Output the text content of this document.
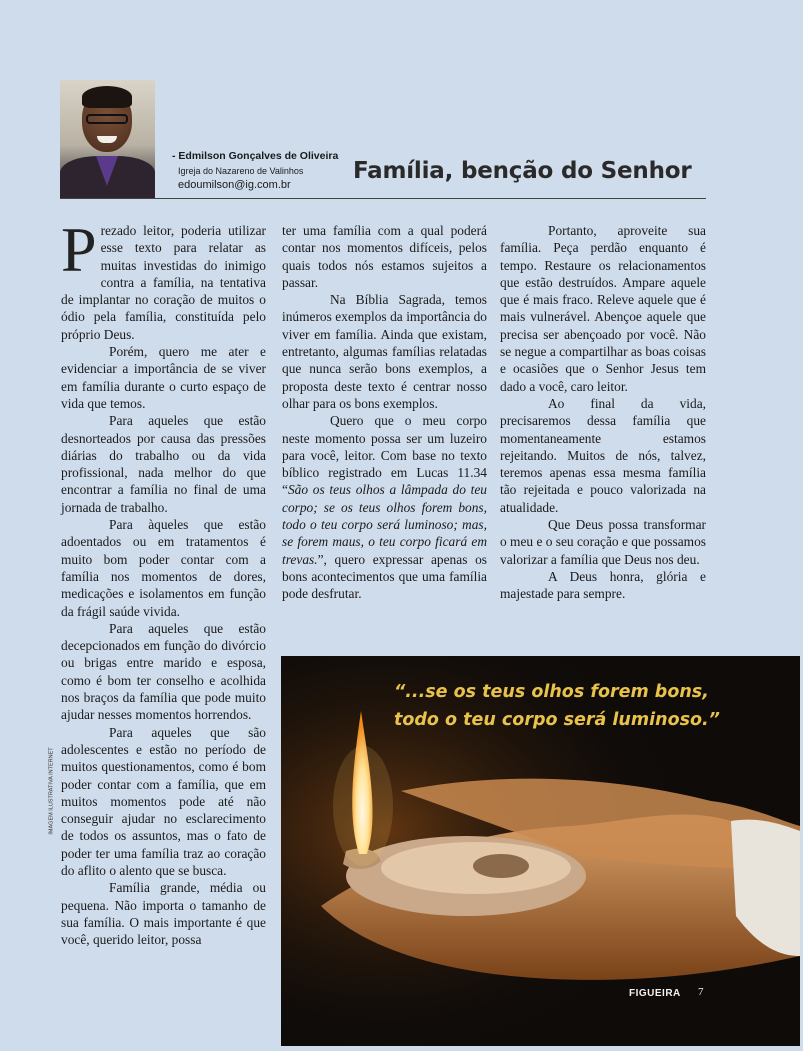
- Edmilson Gonçalves de Oliveira
Igreja do Nazareno de Valinhos
edoumilson@ig.com.br
Família, benção do Senhor

Prezado leitor, poderia utilizar esse texto para relatar as muitas investidas do inimigo contra a família, na tentativa de implantar no coração de muitos o ódio pela família, constituída pelo próprio Deus.

Porém, quero me ater e evidenciar a importância de se viver em família durante o curto espaço de vida que temos.

Para aqueles que estão desnorteados por causa das pressões diárias do trabalho ou da vida profissional, nada melhor do que encontrar a família no final de uma jornada de trabalho.

Para àqueles que estão adoentados ou em tratamentos é muito bom poder contar com a família nos momentos de dores, medicações e isolamentos em função da frágil saúde vivida.

Para aqueles que estão decepcionados em função do divórcio ou brigas entre marido e esposa, como é bom ter conselho e acolhida nos braços da família que pode muito ajudar nesses momentos horrendos.

Para aqueles que são adolescentes e estão no período de muitos questionamentos, como é bom poder contar com a família, que em muitos momentos pode até não conseguir ajudar no esclarecimento de todos os assuntos, mas o fato de poder ter uma família traz ao coração do aflito o alento que se busca.

Família grande, média ou pequena. Não importa o tamanho de sua família. O mais importante é que você, querido leitor, possa

IMAGEM ILUSTRATIVA INTERNET

ter uma família com a qual poderá contar nos momentos difíceis, pelos quais todos nós estamos sujeitos a passar.

Na Bíblia Sagrada, temos inúmeros exemplos da importância do viver em família. Ainda que existam, entretanto, algumas famílias relatadas que nunca serão bons exemplos, a proposta deste texto é centrar nosso olhar para os bons exemplos.

Quero que o meu corpo neste momento possa ser um luzeiro para você, leitor. Com base no texto bíblico registrado em Lucas 11.34 “São os teus olhos a lâmpada do teu corpo; se os teus olhos forem bons, todo o teu corpo será luminoso; mas, se forem maus, o teu corpo ficará em trevas.”, quero expressar apenas os bons acontecimentos que uma família pode desfrutar.

Portanto, aproveite sua família. Peça perdão enquanto é tempo. Restaure os relacionamentos que estão destruídos. Ampare aquele que é mais fraco. Releve aquele que é mais vulnerável. Abençoe aquele que precisa ser abençoado por você. Não se negue a compartilhar as boas coisas e ocasiões que o Senhor Jesus tem dado a você, caro leitor.

Ao final da vida, precisaremos dessa família que momentaneamente estamos rejeitando. Muitos de nós, talvez, teremos apenas essa mesma família tão rejeitada e pouco valorizada na atualidade.

Que Deus possa transformar o meu e o seu coração e que possamos valorizar a família que Deus nos deu.

A Deus honra, glória e majestade para sempre.

“...se os teus olhos forem bons,
todo o teu corpo será luminoso.”
FIGUEIRA 7
